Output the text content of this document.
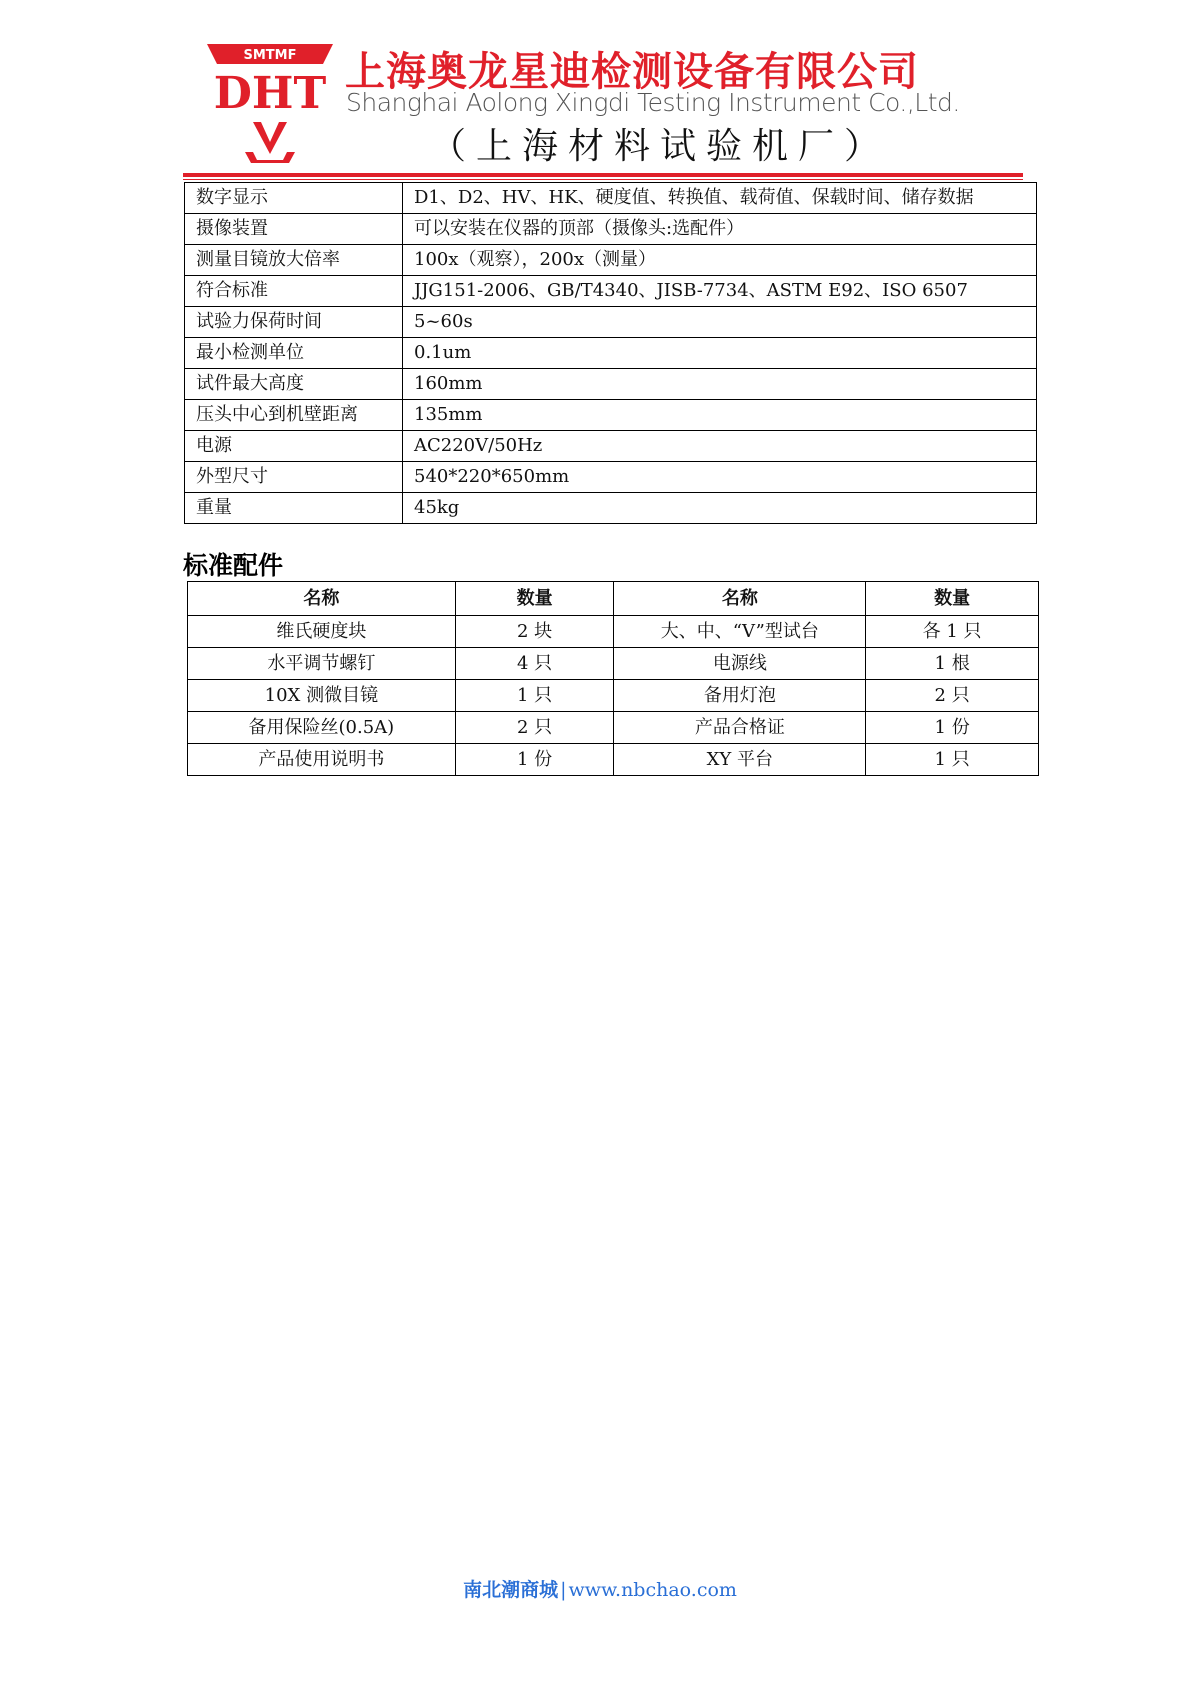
SMTMF
DHT 上海奥龙星迪检测设备有限公司
Shanghai Aolong Xingdi Testing Instrument Co.,Ltd.
（上海材料试验机厂）
数字显示	D1、D2、HV、HK、硬度值、转换值、载荷值、保载时间、储存数据
摄像装置	可以安装在仪器的顶部（摄像头:选配件）
测量目镜放大倍率	100x（观察），200x（测量）
符合标准	JJG151-2006、GB/T4340、JISB-7734、ASTM E92、ISO 6507
试验力保荷时间	5~60s
最小检测单位	0.1um
试件最大高度	160mm
压头中心到机壁距离	135mm
电源	AC220V/50Hz
外型尺寸	540*220*650mm
重量	45kg
标准配件
名称	数量	名称	数量
维氏硬度块	2 块	大、中、“V”型试台	各 1 只
水平调节螺钉	4 只	电源线	1 根
10X 测微目镜	1 只	备用灯泡	2 只
备用保险丝(0.5A)	2 只	产品合格证	1 份
产品使用说明书	1 份	XY 平台	1 只
南北潮商城 | www.nbchao.com
